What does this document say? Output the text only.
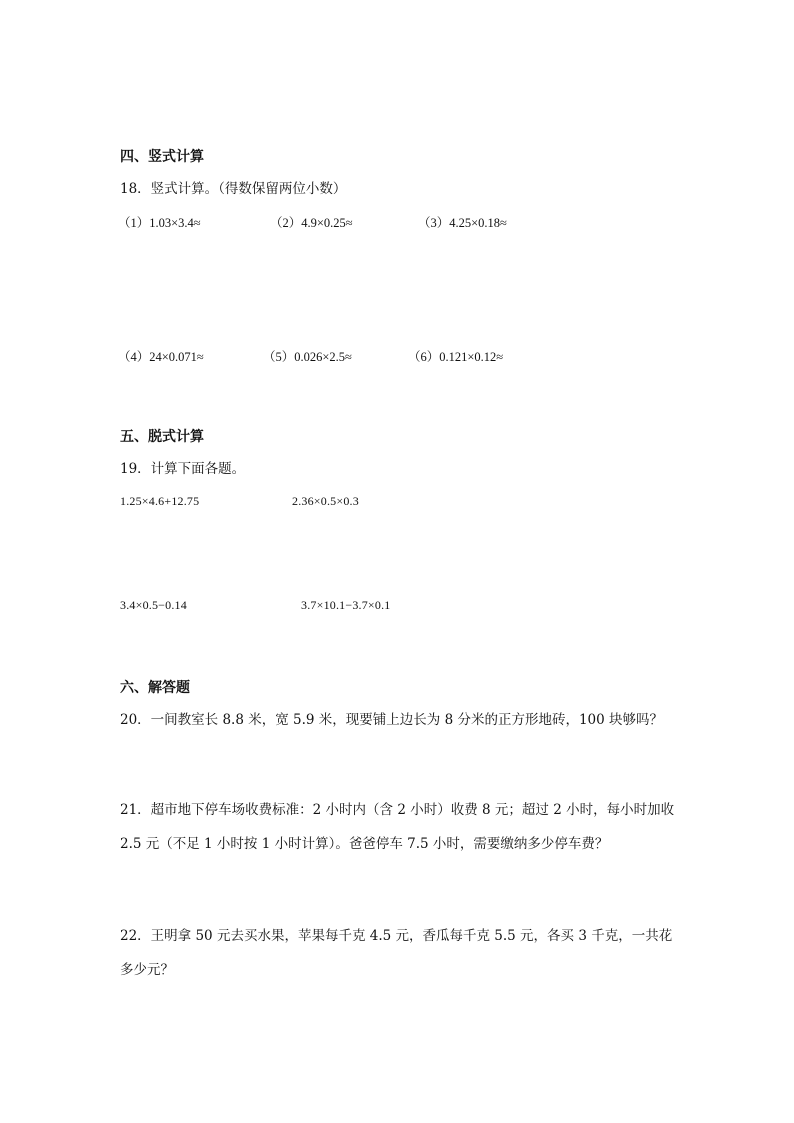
四、竖式计算
18．竖式计算。（得数保留两位小数）
（1）1.03×3.4≈	（2）4.9×0.25≈	（3）4.25×0.18≈
（4）24×0.071≈	（5）0.026×2.5≈	（6）0.121×0.12≈
五、脱式计算
19．计算下面各题。
1.25×4.6+12.75	2.36×0.5×0.3
3.4×0.5−0.14	3.7×10.1−3.7×0.1
六、解答题
20．一间教室长 8.8 米，宽 5.9 米，现要铺上边长为 8 分米的正方形地砖，100 块够吗？
21．超市地下停车场收费标准：2 小时内（含 2 小时）收费 8 元；超过 2 小时，每小时加收 2.5 元（不足 1 小时按 1 小时计算）。爸爸停车 7.5 小时，需要缴纳多少停车费？
22．王明拿 50 元去买水果，苹果每千克 4.5 元，香瓜每千克 5.5 元，各买 3 千克，一共花多少元？
